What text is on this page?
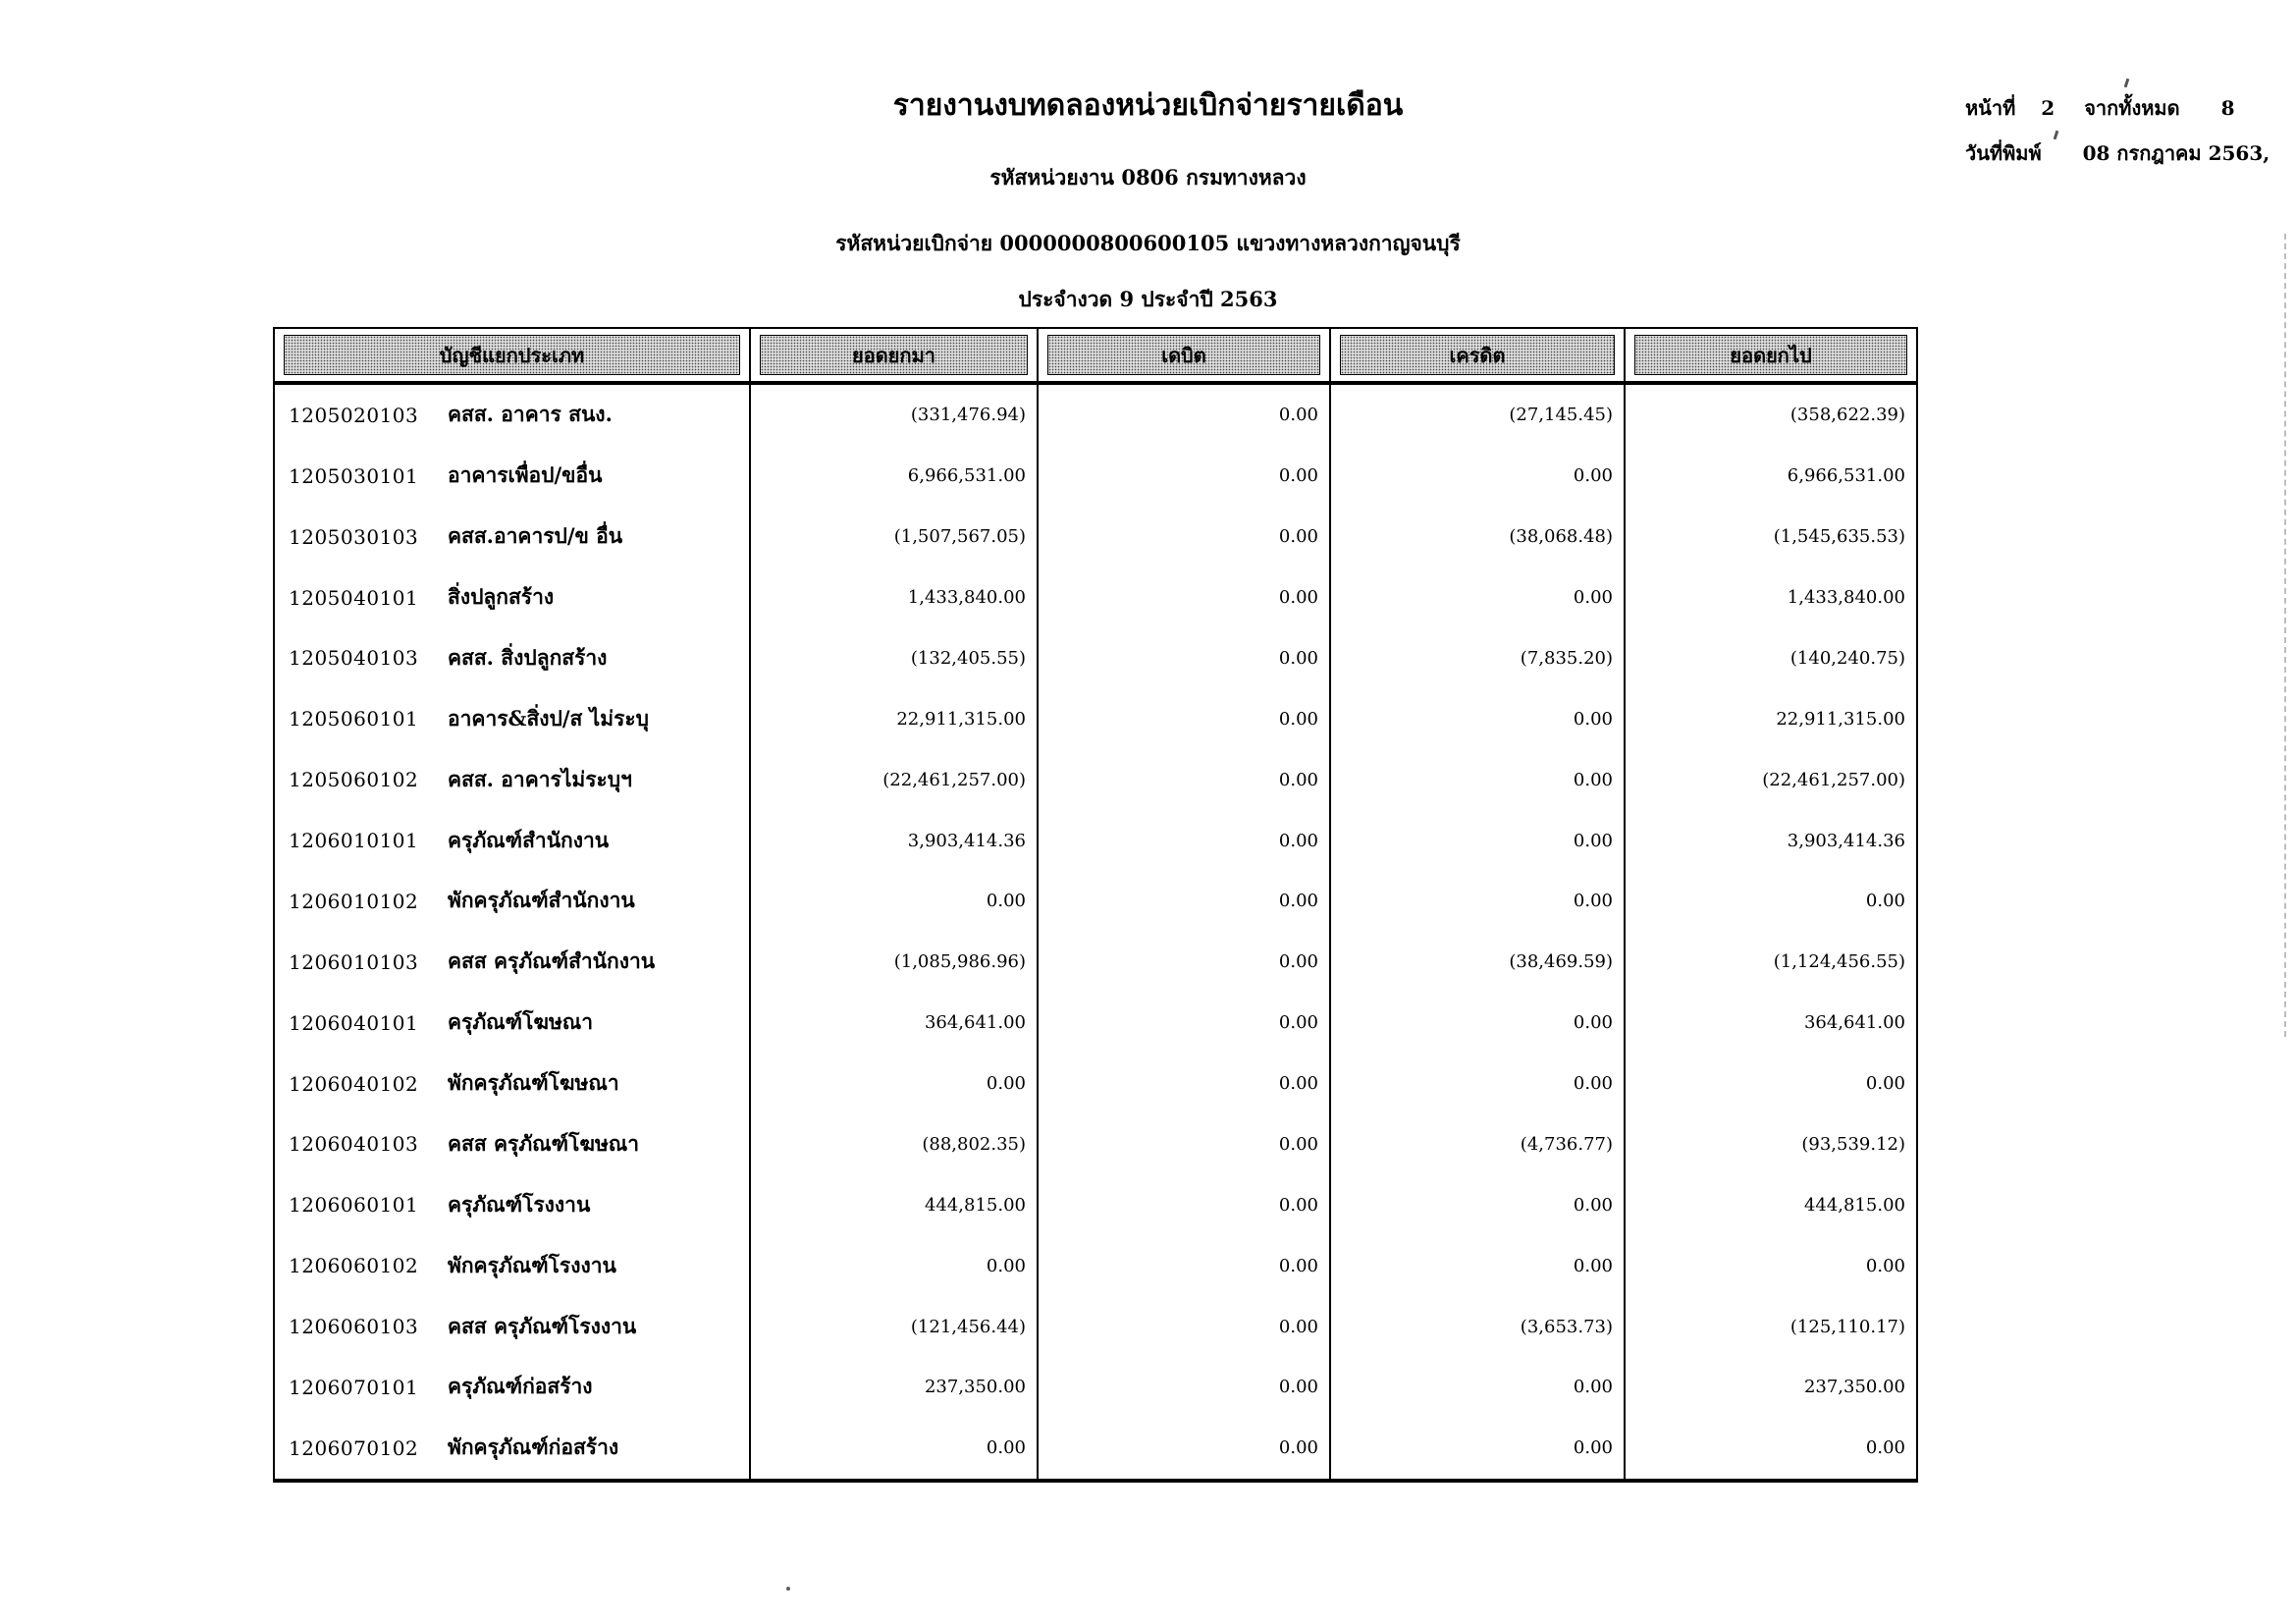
รายงานงบทดลองหน่วยเบิกจ่ายรายเดือน
รหัสหน่วยงาน 0806 กรมทางหลวง
รหัสหน่วยเบิกจ่าย 0000000800600105 แขวงทางหลวงกาญจนบุรี
ประจำงวด 9 ประจำปี 2563
หน้าที่ 2 จากทั้งหมด 8
วันที่พิมพ์ 08 กรกฎาคม 2563,
บัญชีแยกประเภท	ยอดยกมา	เดบิต	เครดิต	ยอดยกไป
1205020103 คสส. อาคาร สนง.	(331,476.94)	0.00	(27,145.45)	(358,622.39)
1205030101 อาคารเพื่อป/ขอื่น	6,966,531.00	0.00	0.00	6,966,531.00
1205030103 คสส.อาคารป/ข อื่น	(1,507,567.05)	0.00	(38,068.48)	(1,545,635.53)
1205040101 สิ่งปลูกสร้าง	1,433,840.00	0.00	0.00	1,433,840.00
1205040103 คสส. สิ่งปลูกสร้าง	(132,405.55)	0.00	(7,835.20)	(140,240.75)
1205060101 อาคาร&สิ่งป/ส ไม่ระบุ	22,911,315.00	0.00	0.00	22,911,315.00
1205060102 คสส. อาคารไม่ระบุฯ	(22,461,257.00)	0.00	0.00	(22,461,257.00)
1206010101 ครุภัณฑ์สำนักงาน	3,903,414.36	0.00	0.00	3,903,414.36
1206010102 พักครุภัณฑ์สำนักงาน	0.00	0.00	0.00	0.00
1206010103 คสส ครุภัณฑ์สำนักงาน	(1,085,986.96)	0.00	(38,469.59)	(1,124,456.55)
1206040101 ครุภัณฑ์โฆษณา	364,641.00	0.00	0.00	364,641.00
1206040102 พักครุภัณฑ์โฆษณา	0.00	0.00	0.00	0.00
1206040103 คสส ครุภัณฑ์โฆษณา	(88,802.35)	0.00	(4,736.77)	(93,539.12)
1206060101 ครุภัณฑ์โรงงาน	444,815.00	0.00	0.00	444,815.00
1206060102 พักครุภัณฑ์โรงงาน	0.00	0.00	0.00	0.00
1206060103 คสส ครุภัณฑ์โรงงาน	(121,456.44)	0.00	(3,653.73)	(125,110.17)
1206070101 ครุภัณฑ์ก่อสร้าง	237,350.00	0.00	0.00	237,350.00
1206070102 พักครุภัณฑ์ก่อสร้าง	0.00	0.00	0.00	0.00
